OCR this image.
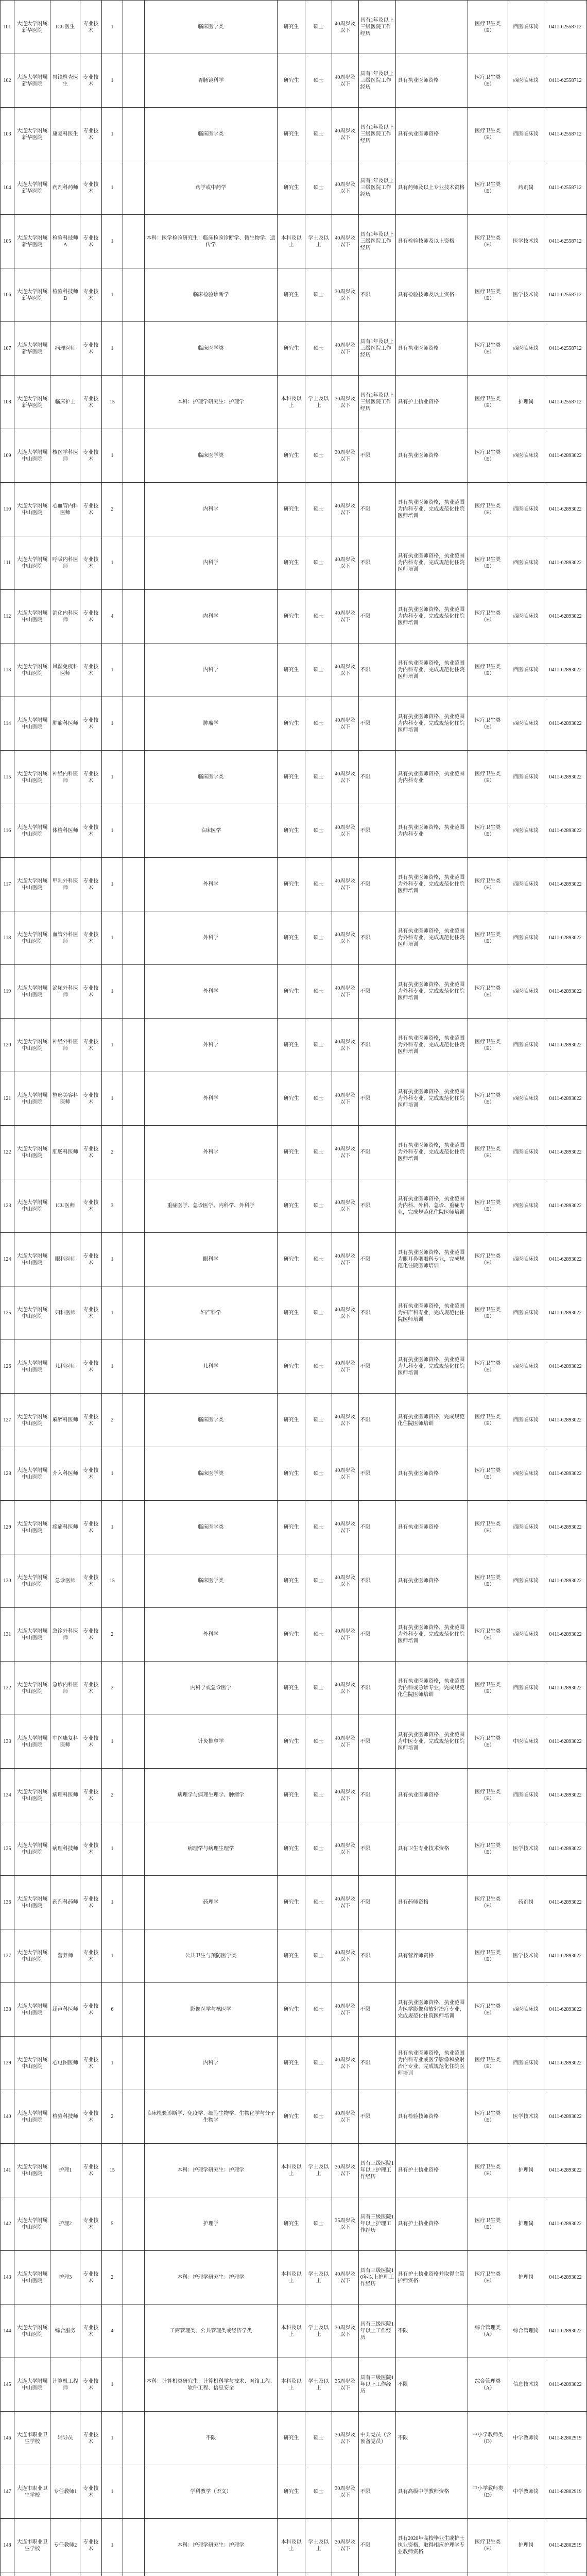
101	大连大学附属新华医院	ICU医生	专业技术	1		临床医学类	研究生	硕士	40周岁及以下	具有1年及以上三级医院工作经历		医疗卫生类（E）	西医临床岗	0411-62558712
102	大连大学附属新华医院	胃镜检查医生	专业技术	1		胃肠镜科学	研究生	硕士	40周岁及以下	具有1年及以上三级医院工作经历	具有执业医师资格	医疗卫生类（E）	西医临床岗	0411-62558712
103	大连大学附属新华医院	康复科医生	专业技术	1		临床医学类	研究生	硕士	40周岁及以下	具有1年及以上三级医院工作经历	具有执业医师资格	医疗卫生类（E）	西医临床岗	0411-62558712
104	大连大学附属新华医院	药剂科药师	专业技术	1		药学或中药学	研究生	硕士	40周岁及以下	具有1年及以上三级医院工作经历	具有药师及以上专业技术资格	医疗卫生类（E）	药剂岗	0411-62558712
105	大连大学附属新华医院	检验科技师A	专业技术	1		本科：医学检验研究生：临床检验诊断学、微生物学、遗传学	本科及以上	学士及以上	40周岁及以下	具有1年及以上三级医院工作经历	具有检验技师及以上资格	医疗卫生类（E）	医学技术岗	0411-62558712
106	大连大学附属新华医院	检验科技师B	专业技术	1		临床检验诊断学	研究生	硕士	30周岁及以下	不限	具有检验技师及以上资格	医疗卫生类（E）	医学技术岗	0411-62558712
107	大连大学附属新华医院	病理医师	专业技术	1		临床医学类	研究生	硕士	40周岁及以下	具有1年及以上三级医院工作经历	具有执业医师资格	医疗卫生类（E）	西医临床岗	0411-62558712
108	大连大学附属新华医院	临床护士	专业技术	15		本科：护理学研究生：护理学	本科及以上	学士及以上	30周岁及以下	具有1年及以上三级医院工作经历	具有护士执业资格	医疗卫生类（E）	护理岗	0411-62558712
109	大连大学附属中山医院	核医学科医师	专业技术	1		临床医学类	研究生	硕士	30周岁及以下	不限	具有执业医师资格	医疗卫生类（E）	西医临床岗	0411-62893022
110	大连大学附属中山医院	心血管内科医师	专业技术	2		内科学	研究生	硕士	40周岁及以下	不限	具有执业医师资格，执业范围为内科专业，完成规范化住院医师培训	医疗卫生类（E）	西医临床岗	0411-62893022
111	大连大学附属中山医院	呼吸内科医师	专业技术	1		内科学	研究生	硕士	40周岁及以下	不限	具有执业医师资格，执业范围为内科专业，完成规范化住院医师培训	医疗卫生类（E）	西医临床岗	0411-62893022
112	大连大学附属中山医院	消化内科医师	专业技术	4		内科学	研究生	硕士	40周岁及以下	不限	具有执业医师资格，执业范围为内科专业，完成规范化住院医师培训	医疗卫生类（E）	西医临床岗	0411-62893022
113	大连大学附属中山医院	风湿免疫科医师	专业技术	1		内科学	研究生	硕士	40周岁及以下	不限	具有执业医师资格，执业范围为内科专业，完成规范化住院医师培训	医疗卫生类（E）	西医临床岗	0411-62893022
114	大连大学附属中山医院	肿瘤科医师	专业技术	1		肿瘤学	研究生	硕士	40周岁及以下	不限	具有执业医师资格，执业范围为内科专业，完成规范化住院医师培训	医疗卫生类（E）	西医临床岗	0411-62893022
115	大连大学附属中山医院	神经内科医师	专业技术	1		临床医学类	研究生	硕士	40周岁及以下	不限	具有执业医师资格，执业范围为内科专业	医疗卫生类（E）	西医临床岗	0411-62893022
116	大连大学附属中山医院	体检科医师	专业技术	1		临床医学	研究生	硕士	40周岁及以下	不限	具有执业医师资格，执业范围为内科专业	医疗卫生类（E）	西医临床岗	0411-62893022
117	大连大学附属中山医院	甲乳外科医师	专业技术	1		外科学	研究生	硕士	40周岁及以下	不限	具有执业医师资格，执业范围为外科专业，完成规范化住院医师培训	医疗卫生类（E）	西医临床岗	0411-62893022
118	大连大学附属中山医院	血管外科医师	专业技术	1		外科学	研究生	硕士	40周岁及以下	不限	具有执业医师资格，执业范围为外科专业，完成规范化住院医师培训	医疗卫生类（E）	西医临床岗	0411-62893022
119	大连大学附属中山医院	泌尿外科医师	专业技术	1		外科学	研究生	硕士	40周岁及以下	不限	具有执业医师资格，执业范围为外科专业，完成规范化住院医师培训	医疗卫生类（E）	西医临床岗	0411-62893022
120	大连大学附属中山医院	神经外科医师	专业技术	1		外科学	研究生	硕士	40周岁及以下	不限	具有执业医师资格，执业范围为外科专业，完成规范化住院医师培训	医疗卫生类（E）	西医临床岗	0411-62893022
121	大连大学附属中山医院	整形美容科医师	专业技术	1		外科学	研究生	硕士	40周岁及以下	不限	具有执业医师资格，执业范围为外科专业，完成规范化住院医师培训	医疗卫生类（E）	西医临床岗	0411-62893022
122	大连大学附属中山医院	肛肠科医师	专业技术	2		外科学	研究生	硕士	40周岁及以下	不限	具有执业医师资格，执业范围为外科专业，完成规范化住院医师培训	医疗卫生类（E）	西医临床岗	0411-62893022
123	大连大学附属中山医院	ICU医师	专业技术	3		重症医学、急诊医学、内科学、外科学	研究生	硕士	40周岁及以下	不限	具有执业医师资格，执业范围为内科、外科、急诊、重症专业，完成规范化住院医师培训	医疗卫生类（E）	西医临床岗	0411-62893022
124	大连大学附属中山医院	眼科医师	专业技术	1		眼科学	研究生	硕士	40周岁及以下	不限	具有执业医师资格，执业范围为眼耳鼻咽喉科专业，完成规范化住院医师培训	医疗卫生类（E）	西医临床岗	0411-62893022
125	大连大学附属中山医院	妇科医师	专业技术	1		妇产科学	研究生	硕士	40周岁及以下	不限	具有执业医师资格，执业范围为妇产科专业，完成规范化住院医师培训	医疗卫生类（E）	西医临床岗	0411-62893022
126	大连大学附属中山医院	儿科医师	专业技术	1		儿科学	研究生	硕士	40周岁及以下	不限	具有执业医师资格，执业范围为儿科专业，完成规范化住院医师培训	医疗卫生类（E）	西医临床岗	0411-62893022
127	大连大学附属中山医院	麻醉科医师	专业技术	2		临床医学类	研究生	硕士	40周岁及以下	不限	具有执业医师资格，完成规范化住院医师培训	医疗卫生类（E）	西医临床岗	0411-62893022
128	大连大学附属中山医院	介入科医师	专业技术	1		临床医学类	研究生	硕士	40周岁及以下	不限	具有执业医师资格	医疗卫生类（E）	西医临床岗	0411-62893022
129	大连大学附属中山医院	疼痛科医师	专业技术	1		临床医学类	研究生	硕士	40周岁及以下	不限	具有执业医师资格	医疗卫生类（E）	西医临床岗	0411-62893022
130	大连大学附属中山医院	急诊医师	专业技术	15		临床医学类	研究生	硕士	40周岁及以下	不限	具有执业医师资格	医疗卫生类（E）	西医临床岗	0411-62893022
131	大连大学附属中山医院	急诊外科医师	专业技术	2		外科学	研究生	硕士	40周岁及以下	不限	具有执业医师资格，执业范围为外科专业，完成规范化住院医师培训	医疗卫生类（E）	西医临床岗	0411-62893022
132	大连大学附属中山医院	急诊内科医师	专业技术	2		内科学或急诊医学	研究生	硕士	40周岁及以下	不限	具有执业医师资格，执业范围为内科或急诊专业，完成规范化住院医师培训	医疗卫生类（E）	西医临床岗	0411-62893022
133	大连大学附属中山医院	中医康复科医师	专业技术	1		针灸推拿学	研究生	硕士	40周岁及以下	不限	具有执业医师资格，执业范围为中医专业，完成规范化住院医师培训	医疗卫生类（E）	中医临床岗	0411-62893022
134	大连大学附属中山医院	病理科医师	专业技术	2		病理学与病理生理学、肿瘤学	研究生	硕士	40周岁及以下	不限	具有执业医师资格	医疗卫生类（E）	西医临床岗	0411-62893022
135	大连大学附属中山医院	病理科技师	专业技术	1		病理学与病理生理学	研究生	硕士	40周岁及以下	不限	具有卫生专业技术资格	医疗卫生类（E）	医学技术岗	0411-62893022
136	大连大学附属中山医院	药剂科药师	专业技术	1		药理学	研究生	硕士	40周岁及以下	不限	具有药师资格	医疗卫生类（E）	药剂岗	0411-62893022
137	大连大学附属中山医院	营养师	专业技术	1		公共卫生与预防医学类	研究生	硕士	40周岁及以下	不限	具有营养师资格	医疗卫生类（E）	医学技术岗	0411-62893022
138	大连大学附属中山医院	超声科医师	专业技术	6		影像医学与核医学	研究生	硕士	40周岁及以下	不限	具有执业医师资格，执业范围为医学影像和放射治疗专业，完成规范化住院医师培训	医疗卫生类（E）	西医临床岗	0411-62893022
139	大连大学附属中山医院	心电图医师	专业技术	1		内科学	研究生	硕士	40周岁及以下	不限	具有执业医师资格，执业范围为内科专业或医学影像和放射治疗专业，完成规范化住院医师培训	医疗卫生类（E）	西医临床岗	0411-62893022
140	大连大学附属中山医院	检验科技师	专业技术	2		临床检验诊断学、免疫学、细胞生物学、生物化学与分子生物学	研究生	硕士	40周岁及以下	不限	具有检验技师资格	医疗卫生类（E）	医学技术岗	0411-62893022
141	大连大学附属中山医院	护理1	专业技术	15		本科：护理学研究生：护理学	本科及以上	学士及以上	30周岁及以下	具有三级医院1年以上护理工作经历	具有护士执业资格	医疗卫生类（E）	护理岗	0411-62893022
142	大连大学附属中山医院	护理2	专业技术	5		护理学	研究生	硕士	35周岁及以下	具有三级医院1年以上护理工作经历	具有护士执业资格	医疗卫生类（E）	护理岗	0411-62893022
143	大连大学附属中山医院	护理3	专业技术	2		本科：护理学研究生：护理学	本科及以上	学士及以上	40周岁及以下	具有三级医院10年以上护理工作经历	具有护士执业资格并取得主管护师资格	医疗卫生类（E）	护理岗	0411-62893022
144	大连大学附属中山医院	综合服务	专业技术	4		工商管理类、公共管理类或经济学类	本科及以上	学士及以上	30周岁及以下	具有三级医院1年以上工作经历	不限	综合管理类（A）	综合管理岗	0411-62893022
145	大连大学附属中山医院	计算机工程师	专业技术	1		本科：计算机类研究生：计算机科学与技术、网络工程、软件工程、信息安全	本科及以上	学士及以上	35周岁及以下	具有三级医院1年以上工作经历	不限	综合管理类（A）	信息技术岗	0411-62893022
146	大连市职业卫生学校	辅导员	专业技术	1		不限	研究生	硕士	30周岁及以下	中共党员（含预备党员）	不限	中小学教师类（D）	中学教师岗	0411-82802919
147	大连市职业卫生学校	专任教师1	专业技术	1		学科教学（语文）	研究生	硕士	30周岁及以下	不限	具有高级中学教师资格	中小学教师类（D）	中学教师岗	0411-82802919
148	大连市职业卫生学校	专任教师2	专业技术	1		本科：护理学研究生：护理学	本科及以上	学士及以上	30周岁及以下	不限	具有2020年高校毕业生或护士执业资格，取得相应护理学专业教师资格	医疗卫生类（E）	护理岗	0411-82802919
